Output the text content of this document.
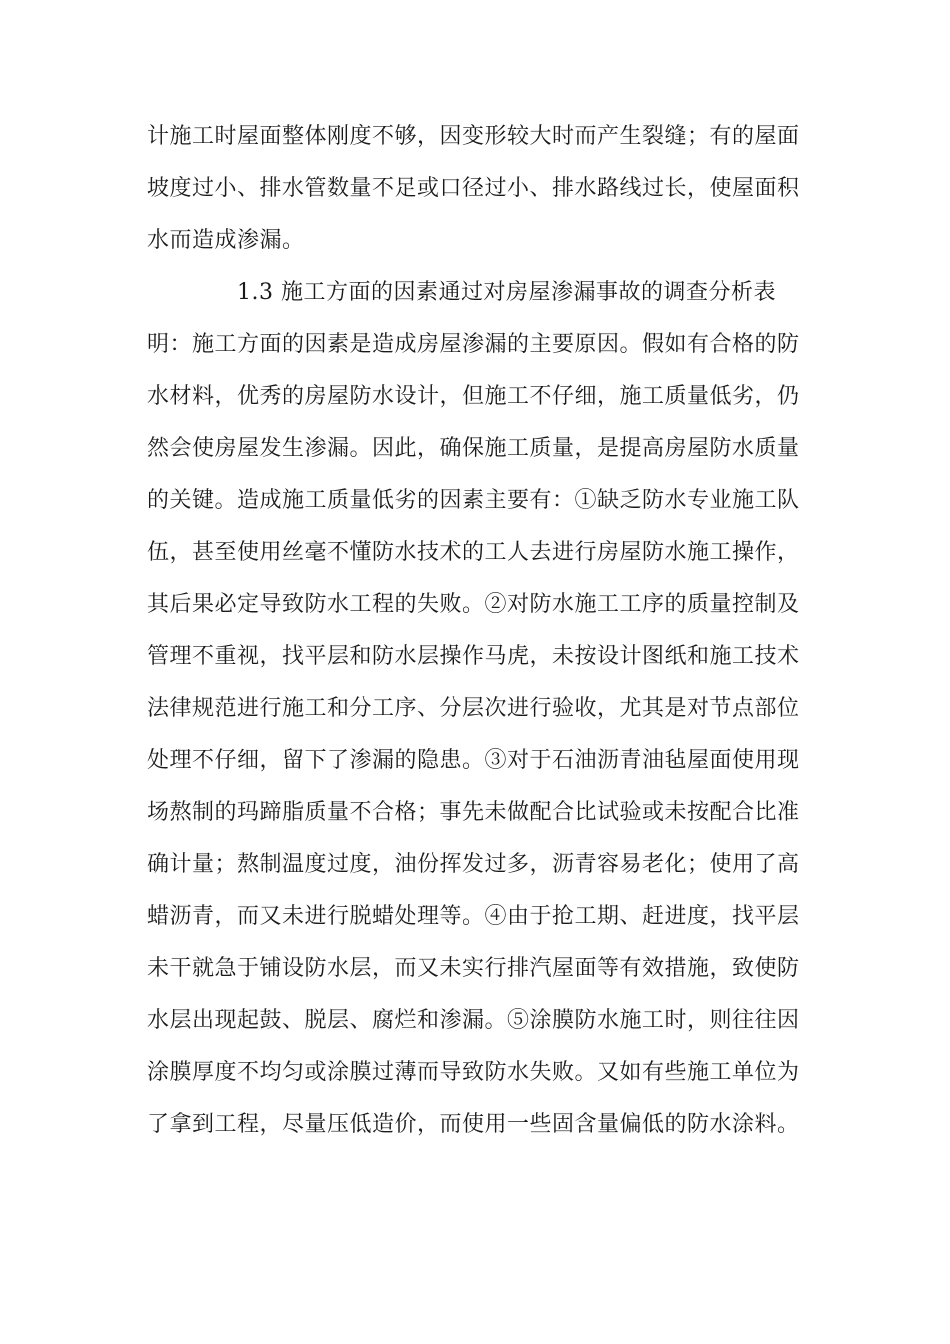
计施工时屋面整体刚度不够，因变形较大时而产生裂缝；有的屋面
坡度过小、排水管数量不足或口径过小、排水路线过长，使屋面积
水而造成渗漏。
1.3 施工方面的因素通过对房屋渗漏事故的调查分析表
明：施工方面的因素是造成房屋渗漏的主要原因。假如有合格的防
水材料，优秀的房屋防水设计，但施工不仔细，施工质量低劣，仍
然会使房屋发生渗漏。因此，确保施工质量，是提高房屋防水质量
的关键。造成施工质量低劣的因素主要有：①缺乏防水专业施工队
伍，甚至使用丝毫不懂防水技术的工人去进行房屋防水施工操作，
其后果必定导致防水工程的失败。②对防水施工工序的质量控制及
管理不重视，找平层和防水层操作马虎，未按设计图纸和施工技术
法律规范进行施工和分工序、分层次进行验收，尤其是对节点部位
处理不仔细，留下了渗漏的隐患。③对于石油沥青油毡屋面使用现
场熬制的玛蹄脂质量不合格；事先未做配合比试验或未按配合比准
确计量；熬制温度过度，油份挥发过多，沥青容易老化；使用了高
蜡沥青，而又未进行脱蜡处理等。④由于抢工期、赶进度，找平层
未干就急于铺设防水层，而又未实行排汽屋面等有效措施，致使防
水层出现起鼓、脱层、腐烂和渗漏。⑤涂膜防水施工时，则往往因
涂膜厚度不均匀或涂膜过薄而导致防水失败。又如有些施工单位为
了拿到工程，尽量压低造价，而使用一些固含量偏低的防水涂料。
